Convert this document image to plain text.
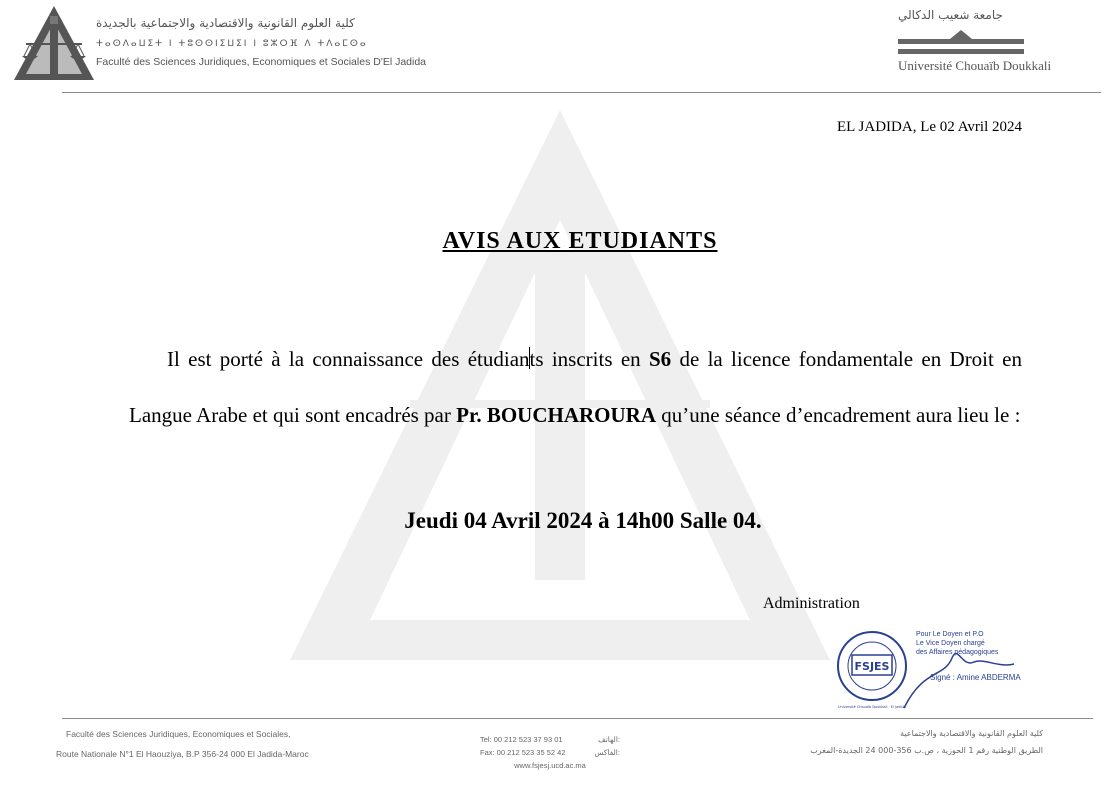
كلية العلوم القانونية والاقتصادية والاجتماعية بالجديدة
ⵜⴰⵙⴷⴰⵡⵉⵜ ⵏ ⵜⵓⵙⵙⵏⵉⵡⵉⵏ ⵏ ⵓⵣⵔⴼ ⴷ ⵜⴷⴰⵎⵙⴰ
Faculté des Sciences Juridiques, Economiques et Sociales D'El Jadida
جامعة شعيب الدكالي
Université Chouaïb Doukkali
EL JADIDA, Le 02 Avril 2024
AVIS AUX ETUDIANTS

Il est porté à la connaissance des étudiants inscrits en S6 de la licence fondamentale en Droit en Langue Arabe et qui sont encadrés par Pr. BOUCHAROURA qu’une séance d’encadrement aura lieu le :

Jeudi 04 Avril 2024 à 14h00 Salle 04.
Administration
FSJES
Université Chouaïb Doukkali · El Jadida
Pour Le Doyen et P.O
Le Vice Doyen chargé
des Affaires pédagogiques
Signé : Amine ABDERMA
Faculté des Sciences Juridiques, Economiques et Sociales,
Route Nationale N°1 El Haouziya, B.P 356-24 000 El Jadida-Maroc
Tel: 00 212 523 37 93 01	الهاتف:
Fax: 00 212 523 35 52 42	الفاكس:
www.fsjesj.ucd.ac.ma
كلية العلوم القانونية والاقتصادية والاجتماعية
الطريق الوطنية رقم 1 الحوزية ، ص.ب 356-000 24 الجديدة-المغرب
